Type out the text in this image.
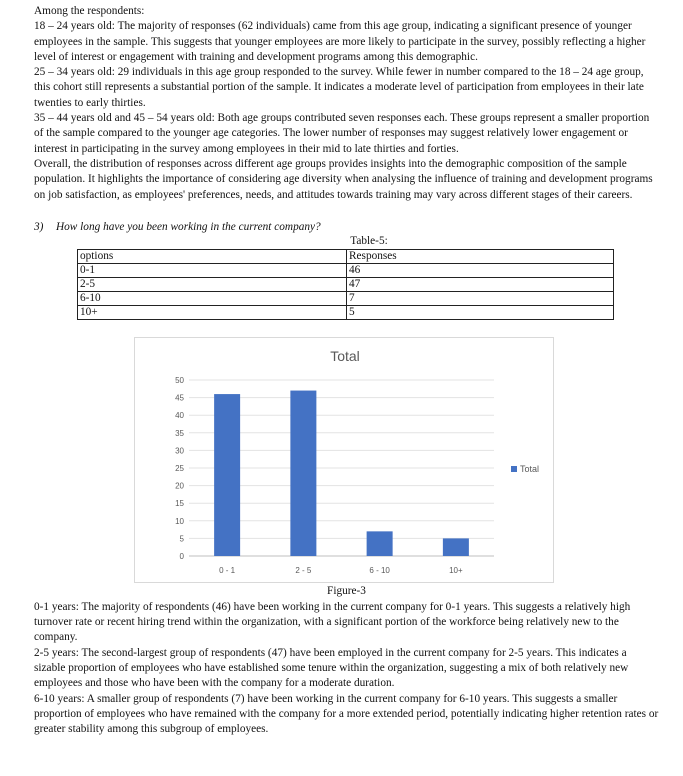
Among the respondents:

18 – 24 years old: The majority of responses (62 individuals) came from this age group, indicating a significant presence of younger employees in the sample. This suggests that younger employees are more likely to participate in the survey, possibly reflecting a higher level of interest or engagement with training and development programs among this demographic.

25 – 34 years old: 29 individuals in this age group responded to the survey. While fewer in number compared to the 18 – 24 age group, this cohort still represents a substantial portion of the sample. It indicates a moderate level of participation from employees in their late twenties to early thirties.

35 – 44 years old and 45 – 54 years old: Both age groups contributed seven responses each. These groups represent a smaller proportion of the sample compared to the younger age categories. The lower number of responses may suggest relatively lower engagement or interest in participating in the survey among employees in their mid to late thirties and forties.

Overall, the distribution of responses across different age groups provides insights into the demographic composition of the sample population. It highlights the importance of considering age diversity when analysing the influence of training and development programs on job satisfaction, as employees' preferences, needs, and attitudes towards training may vary across different stages of their careers.

3) How long have you been working in the current company?

Table-5:

options	Responses
0-1	46
2-5	47
6-10	7
10+	5
Total
0
5
10
15
20
25
30
35
40
45
50
0 - 1	2 - 5	6 - 10	10+
Total

Figure-3

0-1 years: The majority of respondents (46) have been working in the current company for 0-1 years. This suggests a relatively high turnover rate or recent hiring trend within the organization, with a significant portion of the workforce being relatively new to the company.

2-5 years: The second-largest group of respondents (47) have been employed in the current company for 2-5 years. This indicates a sizable proportion of employees who have established some tenure within the organization, suggesting a mix of both relatively new employees and those who have been with the company for a moderate duration.

6-10 years: A smaller group of respondents (7) have been working in the current company for 6-10 years. This suggests a smaller proportion of employees who have remained with the company for a more extended period, potentially indicating higher retention rates or greater stability among this subgroup of employees.
